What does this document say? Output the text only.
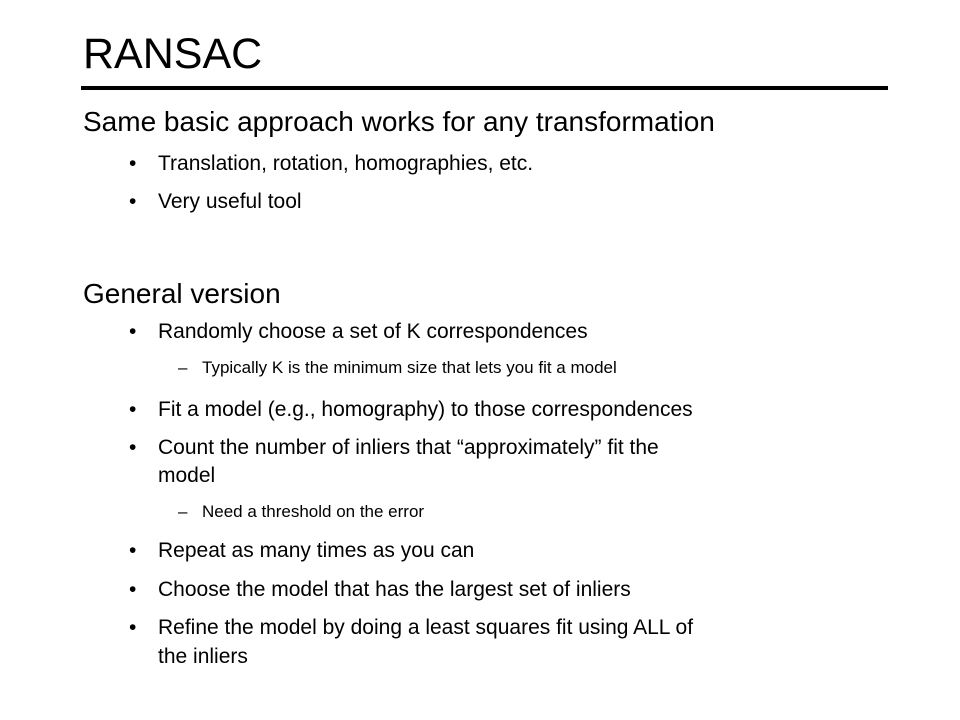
RANSAC
Same basic approach works for any transformation
• Translation, rotation, homographies, etc.
• Very useful tool
General version
• Randomly choose a set of K correspondences
– Typically K is the minimum size that lets you fit a model
• Fit a model (e.g., homography) to those correspondences
• Count the number of inliers that “approximately” fit the
model
– Need a threshold on the error
• Repeat as many times as you can
• Choose the model that has the largest set of inliers
• Refine the model by doing a least squares fit using ALL of
the inliers
